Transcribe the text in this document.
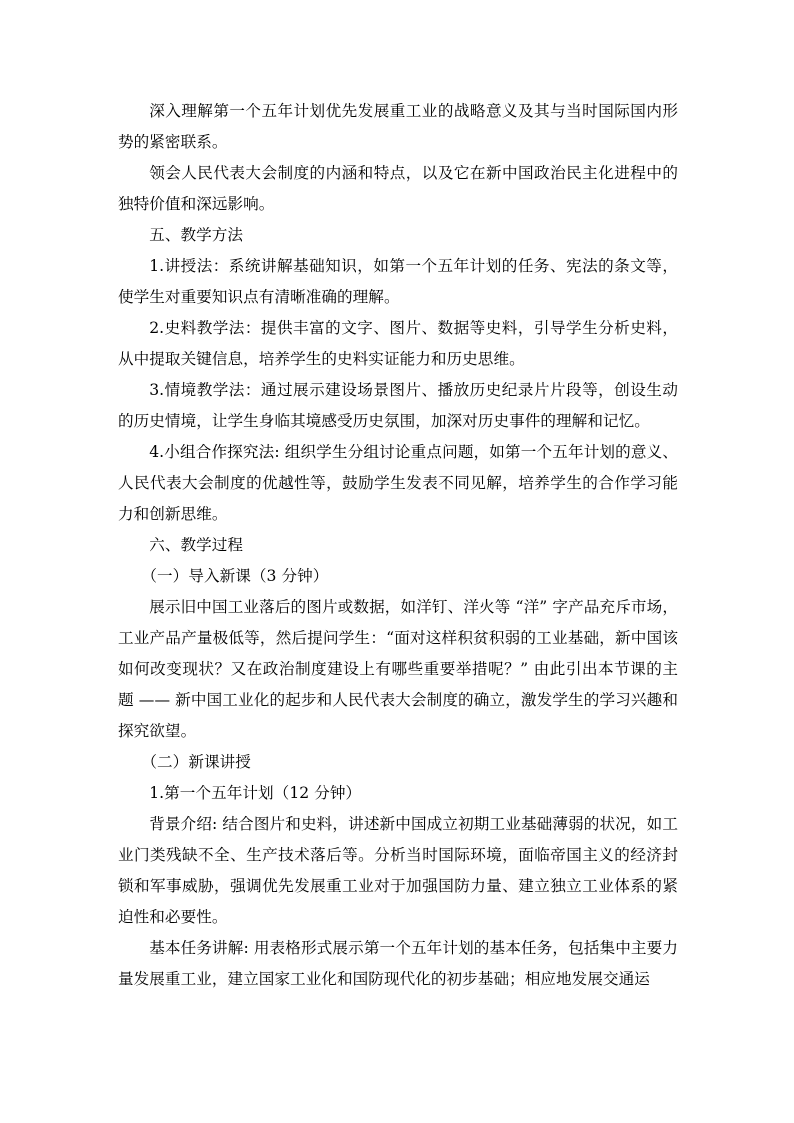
深入理解第一个五年计划优先发展重工业的战略意义及其与当时国际国内形势的紧密联系。

领会人民代表大会制度的内涵和特点，以及它在新中国政治民主化进程中的独特价值和深远影响。

五、教学方法

1.讲授法：系统讲解基础知识，如第一个五年计划的任务、宪法的条文等，使学生对重要知识点有清晰准确的理解。

2.史料教学法：提供丰富的文字、图片、数据等史料，引导学生分析史料，从中提取关键信息，培养学生的史料实证能力和历史思维。

3.情境教学法：通过展示建设场景图片、播放历史纪录片片段等，创设生动的历史情境，让学生身临其境感受历史氛围，加深对历史事件的理解和记忆。

4.小组合作探究法: 组织学生分组讨论重点问题，如第一个五年计划的意义、人民代表大会制度的优越性等，鼓励学生发表不同见解，培养学生的合作学习能力和创新思维。

六、教学过程

（一）导入新课（3 分钟）

展示旧中国工业落后的图片或数据，如洋钉、洋火等 “洋” 字产品充斥市场，工业产品产量极低等，然后提问学生：“面对这样积贫积弱的工业基础，新中国该如何改变现状？又在政治制度建设上有哪些重要举措呢？” 由此引出本节课的主题 —— 新中国工业化的起步和人民代表大会制度的确立，激发学生的学习兴趣和探究欲望。

（二）新课讲授

1.第一个五年计划（12 分钟）

背景介绍: 结合图片和史料，讲述新中国成立初期工业基础薄弱的状况，如工业门类残缺不全、生产技术落后等。分析当时国际环境，面临帝国主义的经济封锁和军事威胁，强调优先发展重工业对于加强国防力量、建立独立工业体系的紧迫性和必要性。

基本任务讲解: 用表格形式展示第一个五年计划的基本任务，包括集中主要力量发展重工业，建立国家工业化和国防现代化的初步基础；相应地发展交通运
